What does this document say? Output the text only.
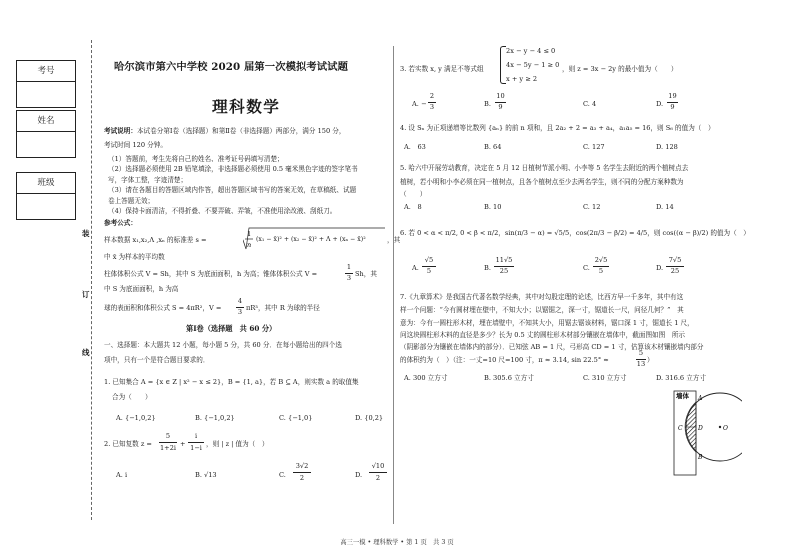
考号
姓名
班级
装
订
线
哈尔滨市第六中学校 2020 届第一次模拟考试试题
理科数学
考试说明：本试卷分第Ⅰ卷（选择题）和第Ⅱ卷（非选择题）两部分，满分 150 分，
考试时间 120 分钟。
（1）答题前，考生先将自己的姓名、准考证号码填写清楚；
（2）选择题必须使用 2B 铅笔填涂，非选择题必须使用 0.5 毫米黑色字迹的签字笔书
写，字体工整，字迹清楚；
（3）请在各题目的答题区域内作答，超出答题区域书写的答案无效，在草稿纸、试题
卷上答题无效；
（4）保持卡面清洁，不得折叠、不要弄破、弄皱，不准使用涂改液、刮纸刀。
参考公式：
样本数据 x₁,x₂,Λ ,xₙ 的标准差 s =
1
n
(x₁ − x̄)² + (x₂ − x̄)² + Λ + (xₙ − x̄)²	，其
中 x̄ 为样本的平均数
柱体体积公式 V = Sh，其中 S 为底面面积，h 为高；锥体体积公式 V =
1
3 Sh，其
中 S 为底面面积，h 为高
球的表面积和体积公式 S = 4πR²，V =
4
3 πR³，其中 R 为球的半径
第Ⅰ卷（选择题　共 60 分）
一、选择题：本大题共 12 小题，每小题 5 分，共 60 分．在每小题给出的四个选
项中，只有一个是符合题目要求的．
1. 已知集合 A = {x ∈ Z | x² − x ≤ 2}，B = {1, a}，若 B ⊆ A，则实数 a 的取值集
合为（　　）
A. {−1,0,2}	B. {−1,0,2}	C. {−1,0}	D. {0,2}
2. 已知复数 z =
5
1+2i +
i
1−i ，则 | z | 值为（　）
A. i	B. √13	C.
3√2
2	D.
√10
2
3. 若实数 x, y 满足不等式组
2x − y − 4 ≤ 0
4x − 5y − 1 ≥ 0
x + y ≥ 2
，则 z = 3x − 2y 的最小值为（　　）
A. −
2
3	B.
10
9	C. 4	D.
19
9
4. 设 Sₙ 为正项递增等比数列 {aₙ} 的前 n 项和，且 2a₂ + 2 = a₃ + a₄，a₁a₅ = 16，则 S₆ 的值为（　）
A.　63	B. 64	C. 127	D. 128
5. 哈六中开展劳动教育，决定在 5 月 12 日植树节派小明、小李等 5 名学生去附近的两个植树点去
植树，若小明和小李必须在同一植树点，且各个植树点至少去两名学生，则不同的分配方案种数为
（　　）
A.　8	B. 10	C. 12	D. 14
6. 若 0 < α < π/2, 0 < β < π/2，sin(π/3 − α) = √5/5，cos(2π/3 − β/2) = 4/5，则 cos((α − β)/2) 的值为（　）
A.
√5
5	B.
11√5
25	C.
2√5
5	D.
7√5
25
7.《九章算术》是我国古代著名数学经典，其中对勾股定理的论述，比西方早一千多年，其中有这
样一个问题：“今有圆材埋在壁中，不知大小；以锯锯之，深一寸，锯道长一尺，问径几何？”　其
意为：今有一圆柱形木材，埋在墙壁中，不知其大小，用锯去锯该材料，锯口深 1 寸，锯道长 1 尺，
问这块圆柱形木料的直径是多少？长为 0.5 丈的圆柱形木材部分镶嵌在墙体中，截面图如图　所示
（阴影部分为镶嵌在墙体内的部分）．已知弦 AB = 1 尺，弓形高 CD = 1 寸，估算该木材镶嵌墙内部分
的体积约为（　）（注：一丈=10 尺=100 寸，π ≈ 3.14, sin 22.5° ≈
5
13 ）
A. 300 立方寸	B. 305.6 立方寸	C. 310 立方寸	D. 316.6 立方寸
墙体 A
B
C	D	O
高三一模 • 理科数学 • 第 1 页　共 3 页
